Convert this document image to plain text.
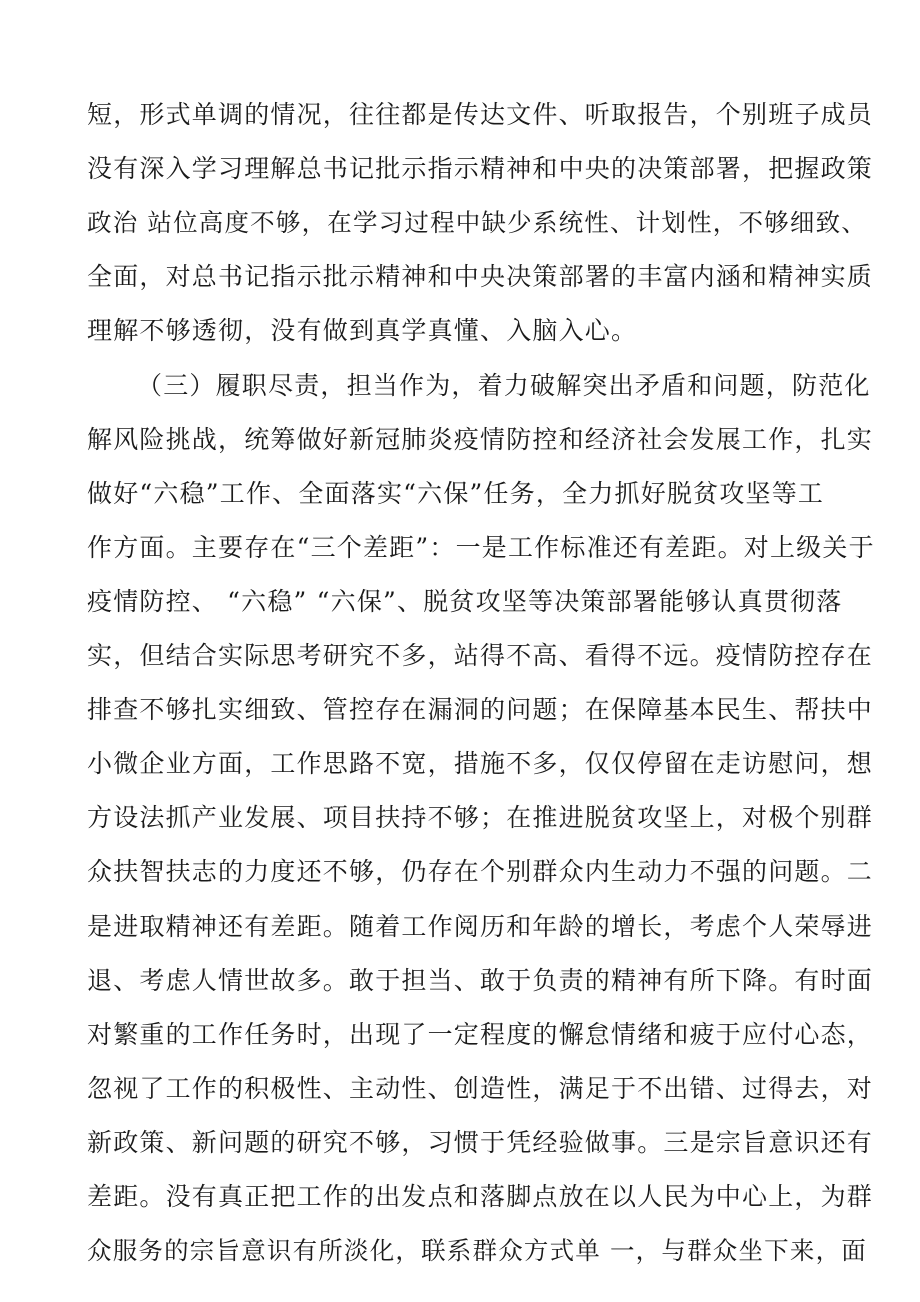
短，形式单调的情况，往往都是传达文件、听取报告，个别班子成员
没有深入学习理解总书记批示指示精神和中央的决策部署，把握政策
政治 站位高度不够，在学习过程中缺少系统性、计划性，不够细致、
全面，对总书记指示批示精神和中央决策部署的丰富内涵和精神实质
理解不够透彻，没有做到真学真懂、入脑入心。
（三）履职尽责，担当作为，着力破解突出矛盾和问题，防范化
解风险挑战，统筹做好新冠肺炎疫情防控和经济社会发展工作，扎实
做好“六稳”工作、全面落实“六保”任务，全力抓好脱贫攻坚等工
作方面。主要存在“三个差距”：一是工作标准还有差距。对上级关于
疫情防控、 “六稳” “六保”、脱贫攻坚等决策部署能够认真贯彻落
实，但结合实际思考研究不多，站得不高、看得不远。疫情防控存在
排查不够扎实细致、管控存在漏洞的问题；在保障基本民生、帮扶中
小微企业方面，工作思路不宽，措施不多，仅仅停留在走访慰问，想
方设法抓产业发展、项目扶持不够；在推进脱贫攻坚上，对极个别群
众扶智扶志的力度还不够，仍存在个别群众内生动力不强的问题。二
是进取精神还有差距。随着工作阅历和年龄的增长，考虑个人荣辱进
退、考虑人情世故多。敢于担当、敢于负责的精神有所下降。有时面
对繁重的工作任务时，出现了一定程度的懈怠情绪和疲于应付心态，
忽视了工作的积极性、主动性、创造性，满足于不出错、过得去，对
新政策、新问题的研究不够，习惯于凭经验做事。三是宗旨意识还有
差距。没有真正把工作的出发点和落脚点放在以人民为中心上，为群
众服务的宗旨意识有所淡化，联系群众方式单 一，与群众坐下来，面
